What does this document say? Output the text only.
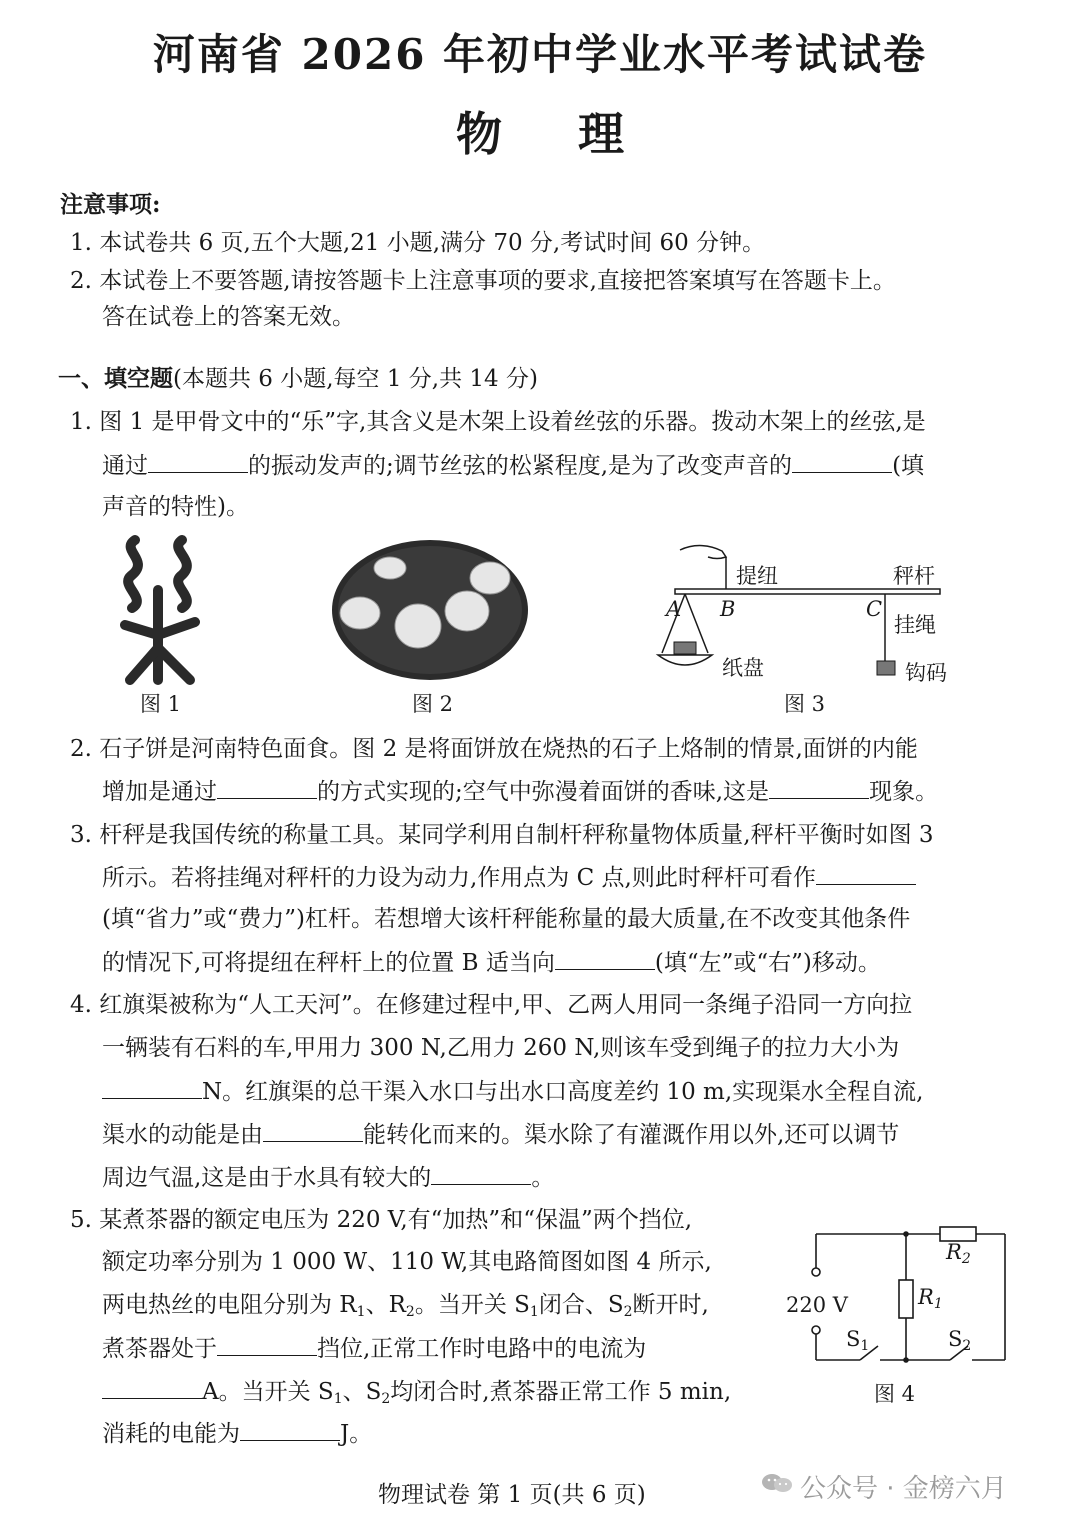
河南省 2026 年初中学业水平考试试卷
物 理
注意事项:
1. 本试卷共 6 页,五个大题,21 小题,满分 70 分,考试时间 60 分钟。
2. 本试卷上不要答题,请按答题卡上注意事项的要求,直接把答案填写在答题卡上。
答在试卷上的答案无效。
一、填空题(本题共 6 小题,每空 1 分,共 14 分)
1. 图 1 是甲骨文中的“乐”字,其含义是木架上设着丝弦的乐器。拨动木架上的丝弦,是
通过	的振动发声的;调节丝弦的松紧程度,是为了改变声音的	(填
声音的特性)。
图 1	图 2
提纽	秤杆
A B	C
挂绳
纸盘	钩码
图 3
2. 石子饼是河南特色面食。图 2 是将面饼放在烧热的石子上烙制的情景,面饼的内能
增加是通过	的方式实现的;空气中弥漫着面饼的香味,这是	现象。
3. 杆秤是我国传统的称量工具。某同学利用自制杆秤称量物体质量,秤杆平衡时如图 3
所示。若将挂绳对秤杆的力设为动力,作用点为 C 点,则此时秤杆可看作
(填“省力”或“费力”)杠杆。若想增大该杆秤能称量的最大质量,在不改变其他条件
的情况下,可将提纽在秤杆上的位置 B 适当向	(填“左”或“右”)移动。
4. 红旗渠被称为“人工天河”。在修建过程中,甲、乙两人用同一条绳子沿同一方向拉
一辆装有石料的车,甲用力 300 N,乙用力 260 N,则该车受到绳子的拉力大小为
N。红旗渠的总干渠入水口与出水口高度差约 10 m,实现渠水全程自流,
渠水的动能是由	能转化而来的。渠水除了有灌溉作用以外,还可以调节
周边气温,这是由于水具有较大的	。
5. 某煮茶器的额定电压为 220 V,有“加热”和“保温”两个挡位,
额定功率分别为 1 000 W、110 W,其电路简图如图 4 所示,
两电热丝的电阻分别为 $R_1$、$R_2$。当开关 $S_1$闭合、$S_2$断开时,
煮茶器处于	挡位,正常工作时电路中的电流为
A。当开关 $S_1$、$S_2$均闭合时,煮茶器正常工作 5 min,
消耗的电能为	J。
$R_2$
$R_1$
220 V
$S_1$	$S_2$
图 4
物理试卷 第 1 页(共 6 页)	公众号 · 金榜六月
